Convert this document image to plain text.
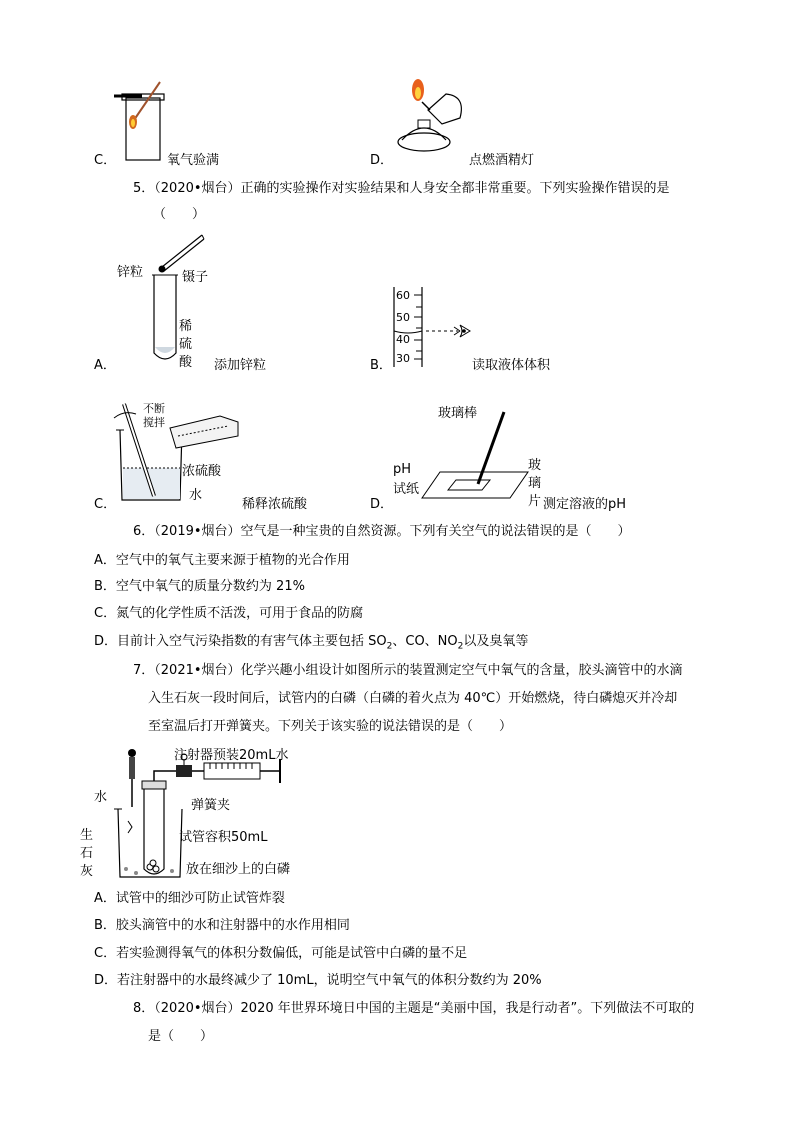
C．	氧气验满	D．	点燃酒精灯
5．（2020•烟台）正确的实验操作对实验结果和人身安全都非常重要。下列实验操作错误的是
（　　）
锌粒	镊子
稀
硫
酸
A．	添加锌粒
60
50
40
30
B．	读取液体体积
不断
搅拌
浓硫酸
水
C．	稀释浓硫酸
玻璃棒
pH
试纸
玻
璃
片
D．	测定溶液的pH
6．（2019•烟台）空气是一种宝贵的自然资源。下列有关空气的说法错误的是（　　）
A．空气中的氧气主要来源于植物的光合作用
B．空气中氧气的质量分数约为 21%
C．氮气的化学性质不活泼，可用于食品的防腐
D．目前计入空气污染指数的有害气体主要包括 $SO_2$、CO、$NO_2$以及臭氧等
7．（2021•烟台）化学兴趣小组设计如图所示的装置测定空气中氧气的含量，胶头滴管中的水滴
入生石灰一段时间后，试管内的白磷（白磷的着火点为 40℃）开始燃烧，待白磷熄灭并冷却
至室温后打开弹簧夹。下列关于该实验的说法错误的是（　　）
注射器预装20mL水
水
弹簧夹
生	试管容积50mL
石
放在细沙上的白磷
灰
A．试管中的细沙可防止试管炸裂
B．胶头滴管中的水和注射器中的水作用相同
C．若实验测得氧气的体积分数偏低，可能是试管中白磷的量不足
D．若注射器中的水最终减少了 10mL，说明空气中氧气的体积分数约为 20%
8．（2020•烟台）2020 年世界环境日中国的主题是“美丽中国，我是行动者”。下列做法不可取的
是（　　）
